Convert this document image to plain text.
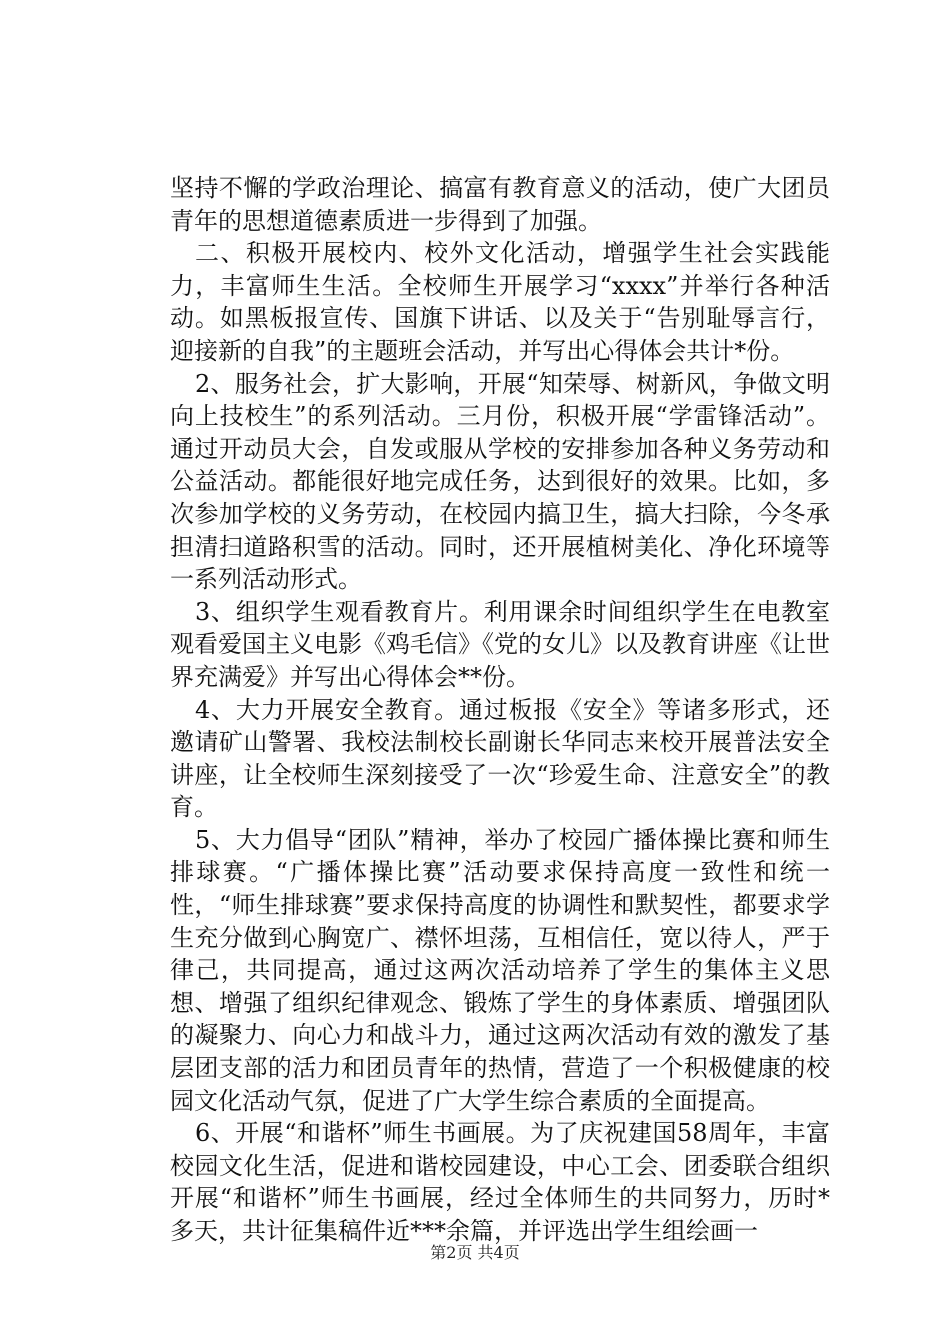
坚持不懈的学政治理论、搞富有教育意义的活动，使广大团员青年的思想道德素质进一步得到了加强。

二、积极开展校内、校外文化活动，增强学生社会实践能力，丰富师生生活。全校师生开展学习“xxxx”并举行各种活动。如黑板报宣传、国旗下讲话、以及关于“告别耻辱言行，迎接新的自我”的主题班会活动，并写出心得体会共计*份。

2、服务社会，扩大影响，开展“知荣辱、树新风，争做文明向上技校生”的系列活动。三月份，积极开展“学雷锋活动”。通过开动员大会，自发或服从学校的安排参加各种义务劳动和公益活动。都能很好地完成任务，达到很好的效果。比如，多次参加学校的义务劳动，在校园内搞卫生，搞大扫除，今冬承担清扫道路积雪的活动。同时，还开展植树美化、净化环境等一系列活动形式。

3、组织学生观看教育片。利用课余时间组织学生在电教室观看爱国主义电影《鸡毛信》《党的女儿》以及教育讲座《让世界充满爱》并写出心得体会**份。

4、大力开展安全教育。通过板报《安全》等诸多形式，还邀请矿山警署、我校法制校长副谢长华同志来校开展普法安全讲座，让全校师生深刻接受了一次“珍爱生命、注意安全”的教育。

5、大力倡导“团队”精神，举办了校园广播体操比赛和师生排球赛。“广播体操比赛”活动要求保持高度一致性和统一性，“师生排球赛”要求保持高度的协调性和默契性，都要求学生充分做到心胸宽广、襟怀坦荡，互相信任，宽以待人，严于律己，共同提高，通过这两次活动培养了学生的集体主义思想、增强了组织纪律观念、锻炼了学生的身体素质、增强团队的凝聚力、向心力和战斗力，通过这两次活动有效的激发了基层团支部的活力和团员青年的热情，营造了一个积极健康的校园文化活动气氛，促进了广大学生综合素质的全面提高。

6、开展“和谐杯”师生书画展。为了庆祝建国58周年，丰富校园文化生活，促进和谐校园建设，中心工会、团委联合组织开展“和谐杯”师生书画展，经过全体师生的共同努力，历时*多天，共计征集稿件近***余篇，并评选出学生组绘画一

第2页 共4页
